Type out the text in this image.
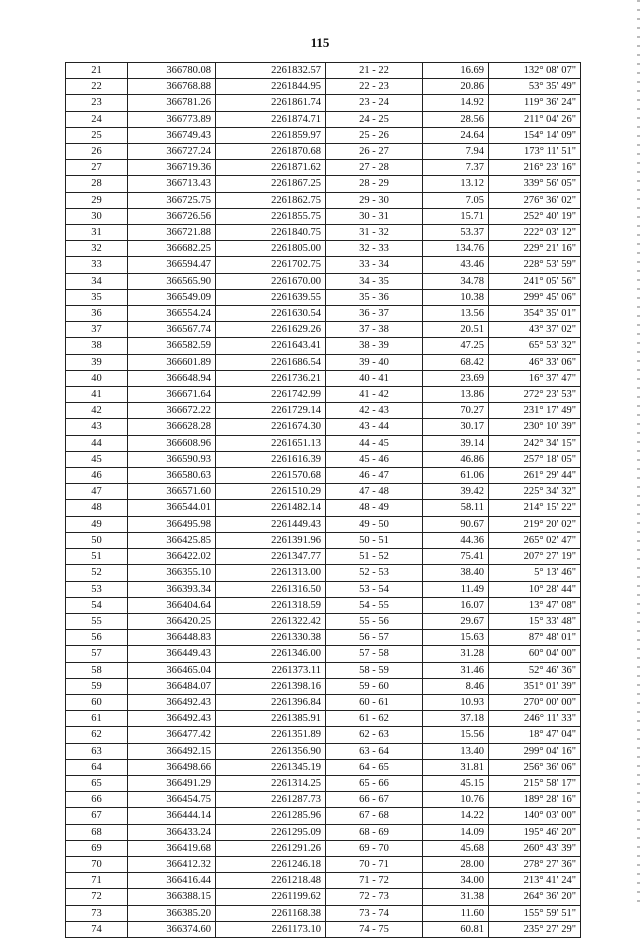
115
21	366780.08	2261832.57	21 - 22	16.69	132° 08' 07"
22	366768.88	2261844.95	22 - 23	20.86	53° 35' 49"
23	366781.26	2261861.74	23 - 24	14.92	119° 36' 24"
24	366773.89	2261874.71	24 - 25	28.56	211° 04' 26"
25	366749.43	2261859.97	25 - 26	24.64	154° 14' 09"
26	366727.24	2261870.68	26 - 27	7.94	173° 11' 51"
27	366719.36	2261871.62	27 - 28	7.37	216° 23' 16"
28	366713.43	2261867.25	28 - 29	13.12	339° 56' 05"
29	366725.75	2261862.75	29 - 30	7.05	276° 36' 02"
30	366726.56	2261855.75	30 - 31	15.71	252° 40' 19"
31	366721.88	2261840.75	31 - 32	53.37	222° 03' 12"
32	366682.25	2261805.00	32 - 33	134.76	229° 21' 16"
33	366594.47	2261702.75	33 - 34	43.46	228° 53' 59"
34	366565.90	2261670.00	34 - 35	34.78	241° 05' 56"
35	366549.09	2261639.55	35 - 36	10.38	299° 45' 06"
36	366554.24	2261630.54	36 - 37	13.56	354° 35' 01"
37	366567.74	2261629.26	37 - 38	20.51	43° 37' 02"
38	366582.59	2261643.41	38 - 39	47.25	65° 53' 32"
39	366601.89	2261686.54	39 - 40	68.42	46° 33' 06"
40	366648.94	2261736.21	40 - 41	23.69	16° 37' 47"
41	366671.64	2261742.99	41 - 42	13.86	272° 23' 53"
42	366672.22	2261729.14	42 - 43	70.27	231° 17' 49"
43	366628.28	2261674.30	43 - 44	30.17	230° 10' 39"
44	366608.96	2261651.13	44 - 45	39.14	242° 34' 15"
45	366590.93	2261616.39	45 - 46	46.86	257° 18' 05"
46	366580.63	2261570.68	46 - 47	61.06	261° 29' 44"
47	366571.60	2261510.29	47 - 48	39.42	225° 34' 32"
48	366544.01	2261482.14	48 - 49	58.11	214° 15' 22"
49	366495.98	2261449.43	49 - 50	90.67	219° 20' 02"
50	366425.85	2261391.96	50 - 51	44.36	265° 02' 47"
51	366422.02	2261347.77	51 - 52	75.41	207° 27' 19"
52	366355.10	2261313.00	52 - 53	38.40	5° 13' 46"
53	366393.34	2261316.50	53 - 54	11.49	10° 28' 44"
54	366404.64	2261318.59	54 - 55	16.07	13° 47' 08"
55	366420.25	2261322.42	55 - 56	29.67	15° 33' 48"
56	366448.83	2261330.38	56 - 57	15.63	87° 48' 01"
57	366449.43	2261346.00	57 - 58	31.28	60° 04' 00"
58	366465.04	2261373.11	58 - 59	31.46	52° 46' 36"
59	366484.07	2261398.16	59 - 60	8.46	351° 01' 39"
60	366492.43	2261396.84	60 - 61	10.93	270° 00' 00"
61	366492.43	2261385.91	61 - 62	37.18	246° 11' 33"
62	366477.42	2261351.89	62 - 63	15.56	18° 47' 04"
63	366492.15	2261356.90	63 - 64	13.40	299° 04' 16"
64	366498.66	2261345.19	64 - 65	31.81	256° 36' 06"
65	366491.29	2261314.25	65 - 66	45.15	215° 58' 17"
66	366454.75	2261287.73	66 - 67	10.76	189° 28' 16"
67	366444.14	2261285.96	67 - 68	14.22	140° 03' 00"
68	366433.24	2261295.09	68 - 69	14.09	195° 46' 20"
69	366419.68	2261291.26	69 - 70	45.68	260° 43' 39"
70	366412.32	2261246.18	70 - 71	28.00	278° 27' 36"
71	366416.44	2261218.48	71 - 72	34.00	213° 41' 24"
72	366388.15	2261199.62	72 - 73	31.38	264° 36' 20"
73	366385.20	2261168.38	73 - 74	11.60	155° 59' 51"
74	366374.60	2261173.10	74 - 75	60.81	235° 27' 29"
